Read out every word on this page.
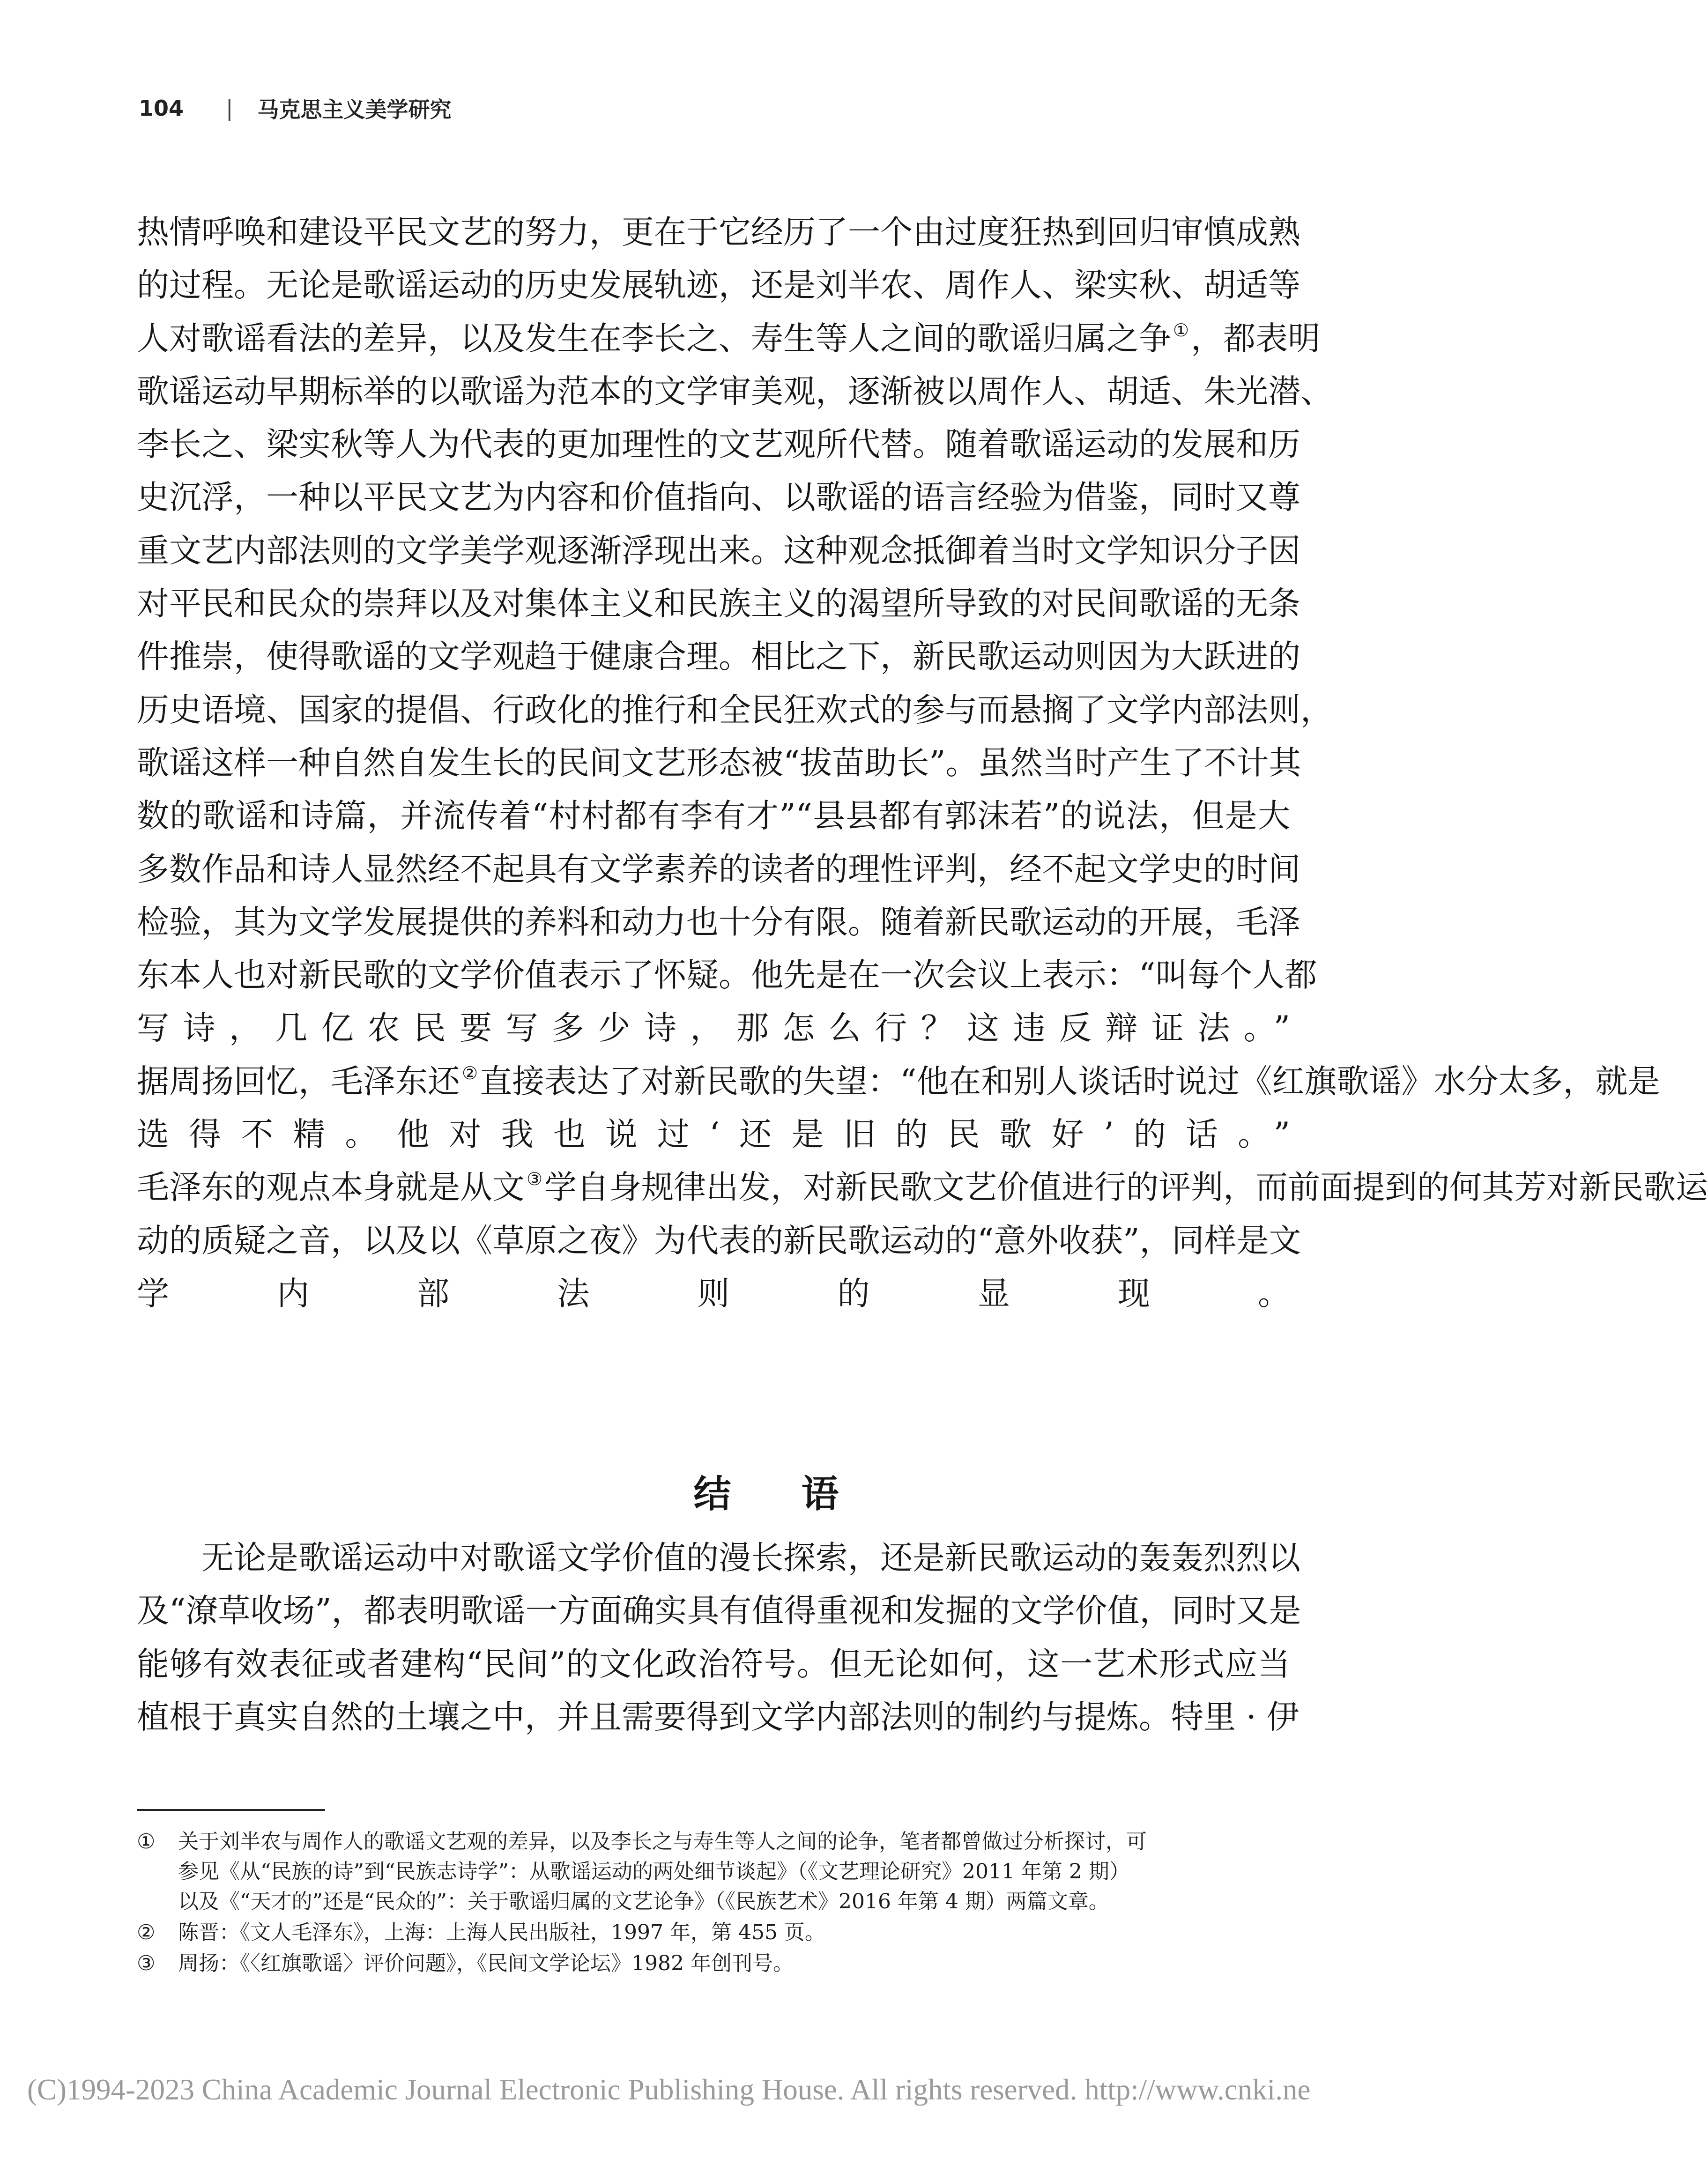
104 | 马克思主义美学研究
热情呼唤和建设平民文艺的努力，更在于它经历了一个由过度狂热到回归审慎成熟
的过程。无论是歌谣运动的历史发展轨迹，还是刘半农、周作人、梁实秋、胡适等
人对歌谣看法的差异，以及发生在李长之、寿生等人之间的歌谣归属之争 ①，都表明
歌谣运动早期标举的以歌谣为范本的文学审美观，逐渐被以周作人、胡适、朱光潜、
李长之、梁实秋等人为代表的更加理性的文艺观所代替。随着歌谣运动的发展和历
史沉浮，一种以平民文艺为内容和价值指向、以歌谣的语言经验为借鉴，同时又尊
重文艺内部法则的文学美学观逐渐浮现出来。这种观念抵御着当时文学知识分子因
对平民和民众的崇拜以及对集体主义和民族主义的渴望所导致的对民间歌谣的无条
件推崇，使得歌谣的文学观趋于健康合理。相比之下，新民歌运动则因为大跃进的
历史语境、国家的提倡、行政化的推行和全民狂欢式的参与而悬搁了文学内部法则，
歌谣这样一种自然自发生长的民间文艺形态被“拔苗助长”。虽然当时产生了不计其
数的歌谣和诗篇，并流传着“村村都有李有才”“县县都有郭沫若”的说法，但是大
多数作品和诗人显然经不起具有文学素养的读者的理性评判，经不起文学史的时间
检验，其为文学发展提供的养料和动力也十分有限。随着新民歌运动的开展，毛泽
东本人也对新民歌的文学价值表示了怀疑。他先是在一次会议上表示：“叫每个人都
写诗，几亿农民要写多少诗，那怎么行？这违反辩证法。”
据周扬回忆，毛泽东还 ②直接表达了对新民歌的失望：“他在和别人谈话时说过《红旗歌谣》水分太多，就是
选得不精。他对我也说过‘还是旧的民歌好’的话。”
毛泽东的观点本身就是从文 ③学自身规律出发，对新民歌文艺价值进行的评判，而前面提到的何其芳对新民歌运
动的质疑之音，以及以《草原之夜》为代表的新民歌运动的“意外收获”，同样是文
学内部法则的显现。
结语
无论是歌谣运动中对歌谣文学价值的漫长探索，还是新民歌运动的轰轰烈烈以
及“潦草收场”，都表明歌谣一方面确实具有值得重视和发掘的文学价值，同时又是
能够有效表征或者建构“民间”的文化政治符号。但无论如何，这一艺术形式应当
植根于真实自然的土壤之中，并且需要得到文学内部法则的制约与提炼。特里 · 伊
① 关于刘半农与周作人的歌谣文艺观的差异，以及李长之与寿生等人之间的论争，笔者都曾做过分析探讨，可
参见《从“民族的诗”到“民族志诗学”：从歌谣运动的两处细节谈起》（《文艺理论研究》2011 年第 2 期）
以及《“天才的”还是“民众的”：关于歌谣归属的文艺论争》（《民族艺术》2016 年第 4 期）两篇文章。
② 陈晋：《文人毛泽东》，上海：上海人民出版社，1997 年，第 455 页。
③ 周扬：《〈红旗歌谣〉评价问题》，《民间文学论坛》1982 年创刊号。
(C)1994-2023 China Academic Journal Electronic Publishing House. All rights reserved. http://www.cnki.ne
